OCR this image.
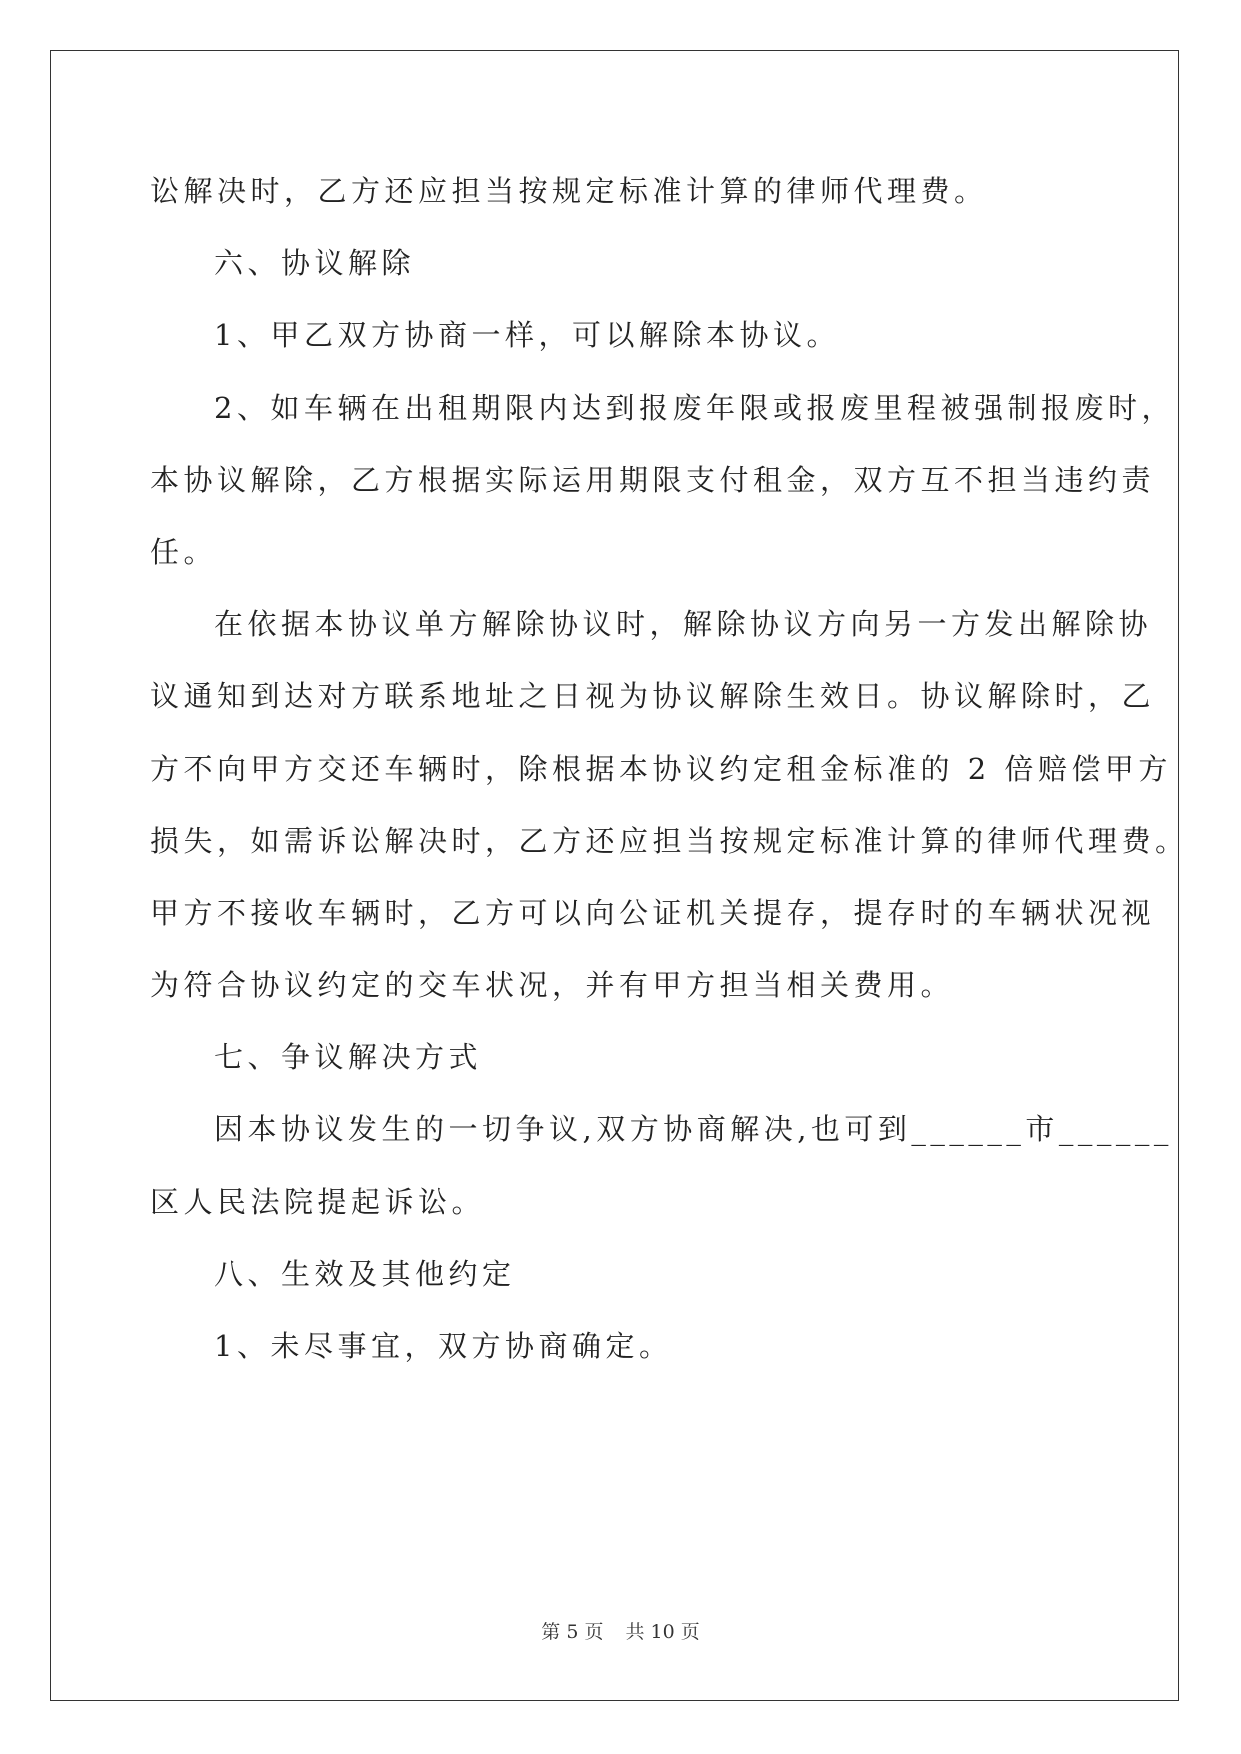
讼解决时，乙方还应担当按规定标准计算的律师代理费。
六、协议解除
1、甲乙双方协商一样，可以解除本协议。
2、如车辆在出租期限内达到报废年限或报废里程被强制报废时，
本协议解除，乙方根据实际运用期限支付租金，双方互不担当违约责
任。
在依据本协议单方解除协议时，解除协议方向另一方发出解除协
议通知到达对方联系地址之日视为协议解除生效日。协议解除时，乙
方不向甲方交还车辆时，除根据本协议约定租金标准的 2 倍赔偿甲方
损失，如需诉讼解决时，乙方还应担当按规定标准计算的律师代理费。
甲方不接收车辆时，乙方可以向公证机关提存，提存时的车辆状况视
为符合协议约定的交车状况，并有甲方担当相关费用。
七、争议解决方式
因本协议发生的一切争议,双方协商解决,也可到______市______
区人民法院提起诉讼。
八、生效及其他约定
1、未尽事宜，双方协商确定。
第 5 页 共 10 页
